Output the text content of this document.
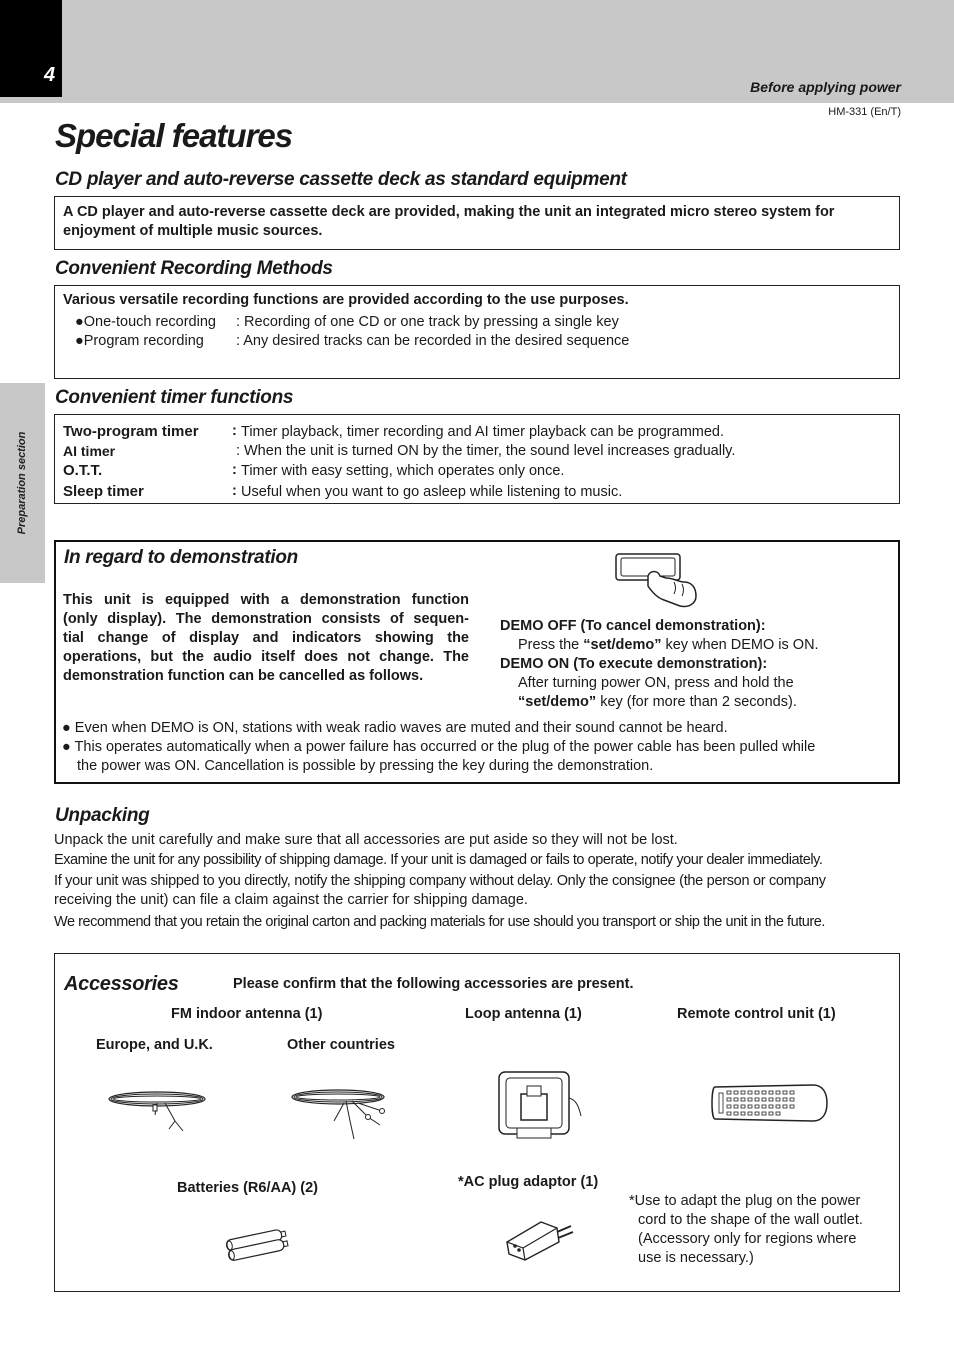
4
Before applying power
HM-331 (En/T)
Preparation section
Special features
CD player and auto-reverse cassette deck as standard equipment
A CD player and auto-reverse cassette deck are provided, making the unit an integrated micro stereo system for enjoyment of multiple music sources.
Convenient Recording Methods
Various versatile recording functions are provided according to the use purposes.
●One-touch recording : Recording of one CD or one track by pressing a single key
●Program recording : Any desired tracks can be recorded in the desired sequence
Convenient timer functions
Two-program timer : Timer playback, timer recording and AI timer playback can be programmed.
AI timer	: When the unit is turned ON by the timer, the sound level increases gradually.
O.T.T.	: Timer with easy setting, which operates only once.
Sleep timer	: Useful when you want to go asleep while listening to music.
In regard to demonstration
This unit is equipped with a demonstration function
(only display). The demonstration consists of sequen-
tial change of display and indicators showing the
operations, but the audio itself does not change. The
demonstration function can be cancelled as follows.
DEMO OFF (To cancel demonstration):
Press the “set/demo” key when DEMO is ON.
DEMO ON (To execute demonstration):
After turning power ON, press and hold the
“set/demo” key (for more than 2 seconds).
● Even when DEMO is ON, stations with weak radio waves are muted and their sound cannot be heard.
● This operates automatically when a power failure has occurred or the plug of the power cable has been pulled while
the power was ON. Cancellation is possible by pressing the key during the demonstration.
Unpacking
Unpack the unit carefully and make sure that all accessories are put aside so they will not be lost.
Examine the unit for any possibility of shipping damage. If your unit is damaged or fails to operate, notify your dealer immediately.
If your unit was shipped to you directly, notify the shipping company without delay. Only the consignee (the person or company
receiving the unit) can file a claim against the carrier for shipping damage.
We recommend that you retain the original carton and packing materials for use should you transport or ship the unit in the future.
Accessories	Please confirm that the following accessories are present.
FM indoor antenna (1)
Europe, and U.K.	Other countries
Loop antenna (1)	Remote control unit (1)
Batteries (R6/AA) (2)	*AC plug adaptor (1)
*Use to adapt the plug on the power
cord to the shape of the wall outlet.
(Accessory only for regions where
use is necessary.)
